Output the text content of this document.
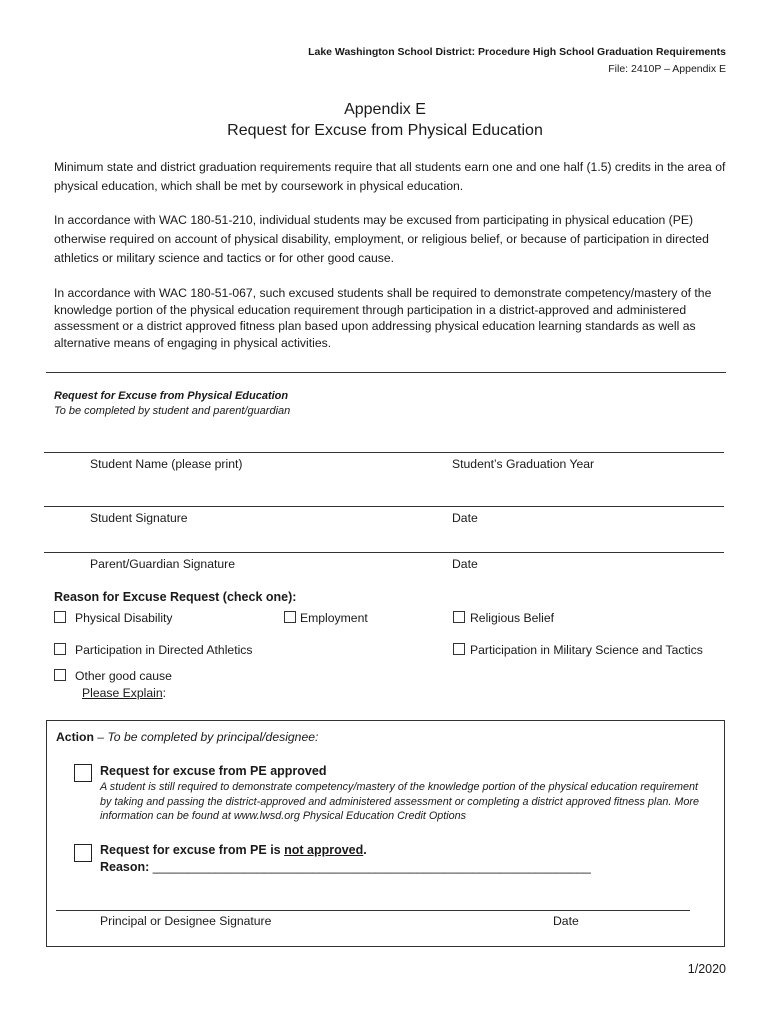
Lake Washington School District: Procedure High School Graduation Requirements
File: 2410P – Appendix E
Appendix E
Request for Excuse from Physical Education
Minimum state and district graduation requirements require that all students earn one and one half (1.5) credits in the area of physical education, which shall be met by coursework in physical education.
In accordance with WAC 180-51-210, individual students may be excused from participating in physical education (PE) otherwise required on account of physical disability, employment, or religious belief, or because of participation in directed athletics or military science and tactics or for other good cause.
In accordance with WAC 180-51-067, such excused students shall be required to demonstrate competency/mastery of the knowledge portion of the physical education requirement through participation in a district-approved and administered assessment or a district approved fitness plan based upon addressing physical education learning standards as well as alternative means of engaging in physical activities.
Request for Excuse from Physical Education
To be completed by student and parent/guardian
Student Name (please print)	Student’s Graduation Year
Student Signature	Date
Parent/Guardian Signature	Date
Reason for Excuse Request (check one):
Physical Disability	Employment	Religious Belief
Participation in Directed Athletics	Participation in Military Science and Tactics
Other good cause
Please Explain:
Action – To be completed by principal/designee:
Request for excuse from PE approved
A student is still required to demonstrate competency/mastery of the knowledge portion of the physical education requirement by taking and passing the district-approved and administered assessment or completing a district approved fitness plan. More information can be found at www.lwsd.org Physical Education Credit Options
Request for excuse from PE is not approved.
Reason: _______________________________________________________________
Principal or Designee Signature	Date
1/2020
